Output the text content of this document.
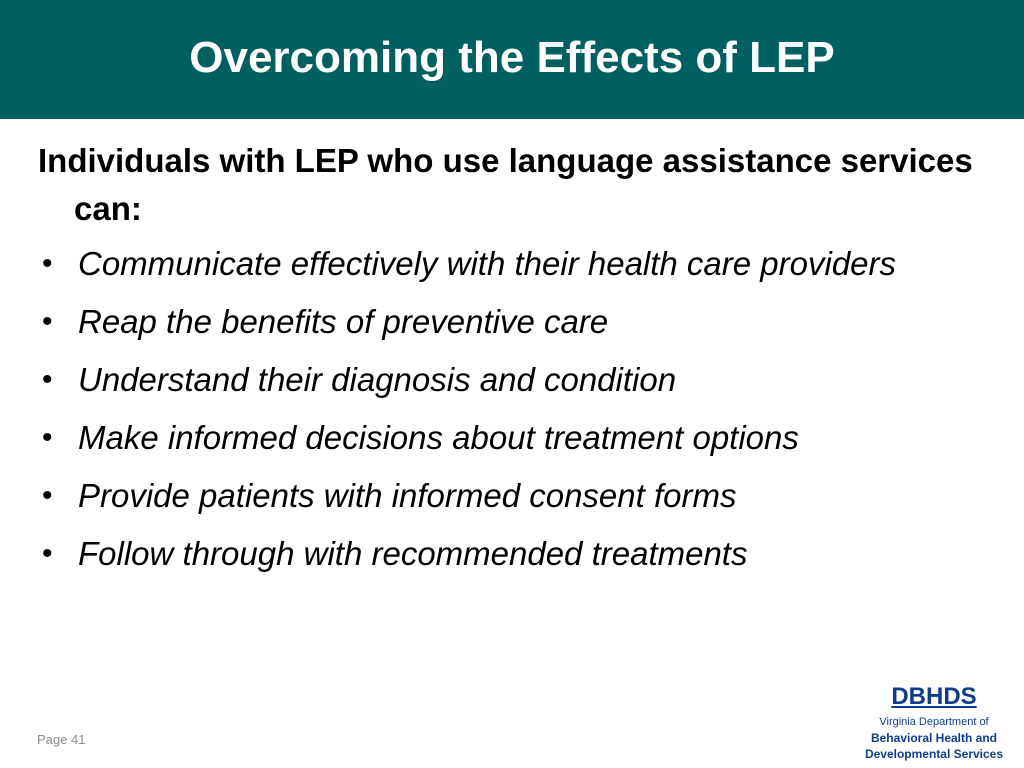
Overcoming the Effects of LEP

Individuals with LEP who use language assistance services can:

• Communicate effectively with their health care providers
• Reap the benefits of preventive care
• Understand their diagnosis and condition
• Make informed decisions about treatment options
• Provide patients with informed consent forms
• Follow through with recommended treatments
Page 41
DBHDS
Virginia Department of
Behavioral Health and
Developmental Services
